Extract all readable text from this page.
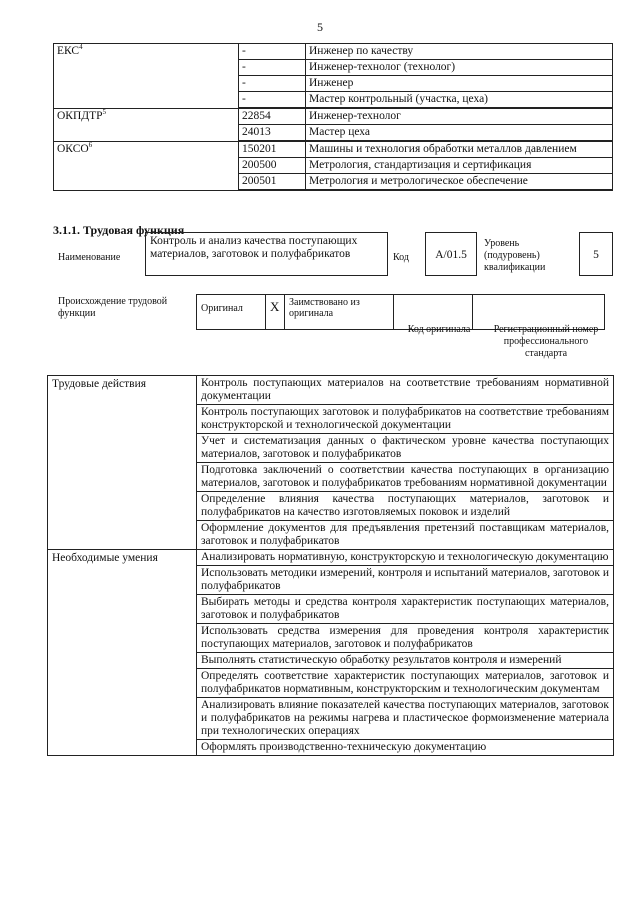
5
ЕКС$^4$	-	Инженер по качеству
	-	Инженер-технолог (технолог)
	-	Инженер
	-	Мастер контрольный (участка, цеха)
ОКПДТР$^5$	22854	Инженер-технолог
	24013	Мастер цеха
ОКСО$^6$	150201	Машины и технология обработки металлов давлением
	200500	Метрология, стандартизация и сертификация
	200501	Метрология и метрологическое обеспечение
3.1.1. Трудовая функция
Наименование
Контроль и анализ качества поступающих материалов, заготовок и полуфабрикатов	Код	A/01.5
Уровень (подуровень) квалификации
5
Происхождение трудовой функции	Оригинал	X	Заимствовано из оригинала		
Код оригинала	Регистрационный номер профессионального стандарта
Трудовые действия	Контроль поступающих материалов на соответствие требованиям нормативной документации
	Контроль поступающих заготовок и полуфабрикатов на соответствие требованиям конструкторской и технологической документации
	Учет и систематизация данных о фактическом уровне качества поступающих материалов, заготовок и полуфабрикатов
	Подготовка заключений о соответствии качества поступающих в организацию материалов, заготовок и полуфабрикатов требованиям нормативной документации
	Определение влияния качества поступающих материалов, заготовок и полуфабрикатов на качество изготовляемых поковок и изделий
	Оформление документов для предъявления претензий поставщикам материалов, заготовок и полуфабрикатов
Необходимые умения	Анализировать нормативную, конструкторскую и технологическую документацию
	Использовать методики измерений, контроля и испытаний материалов, заготовок и полуфабрикатов
	Выбирать методы и средства контроля характеристик поступающих материалов, заготовок и полуфабрикатов
	Использовать средства измерения для проведения контроля характеристик поступающих материалов, заготовок и полуфабрикатов
	Выполнять статистическую обработку результатов контроля и измерений
	Определять соответствие характеристик поступающих материалов, заготовок и полуфабрикатов нормативным, конструкторским и технологическим документам
	Анализировать влияние показателей качества поступающих материалов, заготовок и полуфабрикатов на режимы нагрева и пластическое формоизменение материала при технологических операциях
	Оформлять производственно-техническую документацию
